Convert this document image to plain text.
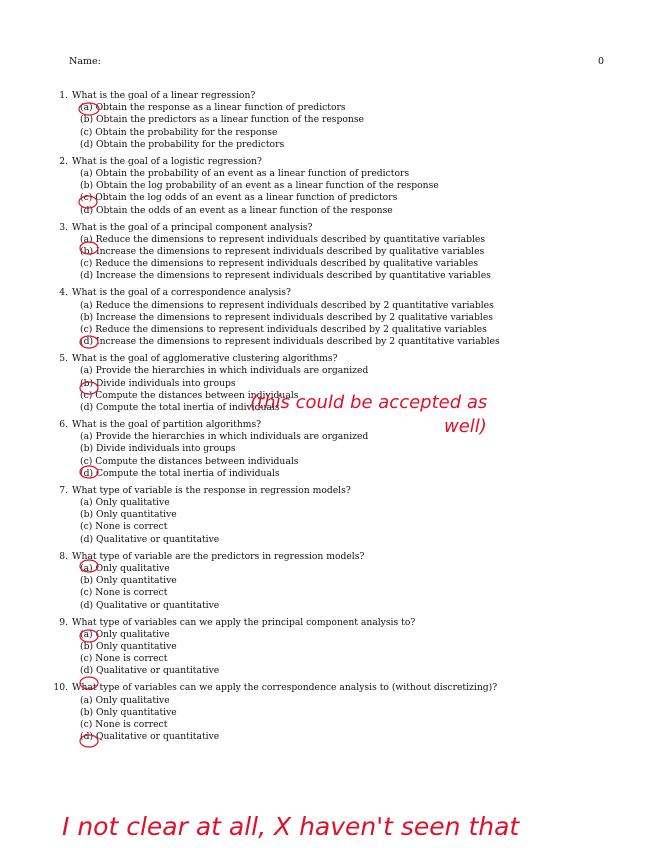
Name:	0
1. What is the goal of a linear regression?
(a) Obtain the response as a linear function of predictors
(b) Obtain the predictors as a linear function of the response
(c) Obtain the probability for the response
(d) Obtain the probability for the predictors
2. What is the goal of a logistic regression?
(a) Obtain the probability of an event as a linear function of predictors
(b) Obtain the log probability of an event as a linear function of the response
(c) Obtain the log odds of an event as a linear function of predictors
(d) Obtain the odds of an event as a linear function of the response
3. What is the goal of a principal component analysis?
(a) Reduce the dimensions to represent individuals described by quantitative variables
(b) Increase the dimensions to represent individuals described by qualitative variables
(c) Reduce the dimensions to represent individuals described by qualitative variables
(d) Increase the dimensions to represent individuals described by quantitative variables
4. What is the goal of a correspondence analysis?
(a) Reduce the dimensions to represent individuals described by 2 quantitative variables
(b) Increase the dimensions to represent individuals described by 2 qualitative variables
(c) Reduce the dimensions to represent individuals described by 2 qualitative variables
(d) Increase the dimensions to represent individuals described by 2 quantitative variables
5. What is the goal of agglomerative clustering algorithms?
(a) Provide the hierarchies in which individuals are organized
(b) Divide individuals into groups
(c) Compute the distances between individuals
(d) Compute the total inertia of individuals
6. What is the goal of partition algorithms?
(a) Provide the hierarchies in which individuals are organized
(b) Divide individuals into groups
(c) Compute the distances between individuals
(d) Compute the total inertia of individuals
7. What type of variable is the response in regression models?
(a) Only qualitative
(b) Only quantitative
(c) None is correct
(d) Qualitative or quantitative
8. What type of variable are the predictors in regression models?
(a) Only qualitative
(b) Only quantitative
(c) None is correct
(d) Qualitative or quantitative
9. What type of variables can we apply the principal component analysis to?
(a) Only qualitative
(b) Only quantitative
(c) None is correct
(d) Qualitative or quantitative
10. What type of variables can we apply the correspondence analysis to (without discretizing)?
(a) Only qualitative
(b) Only quantitative
(c) None is correct
(d) Qualitative or quantitative
(this could be accepted as
well)
I not clear at all, X haven't seen that
